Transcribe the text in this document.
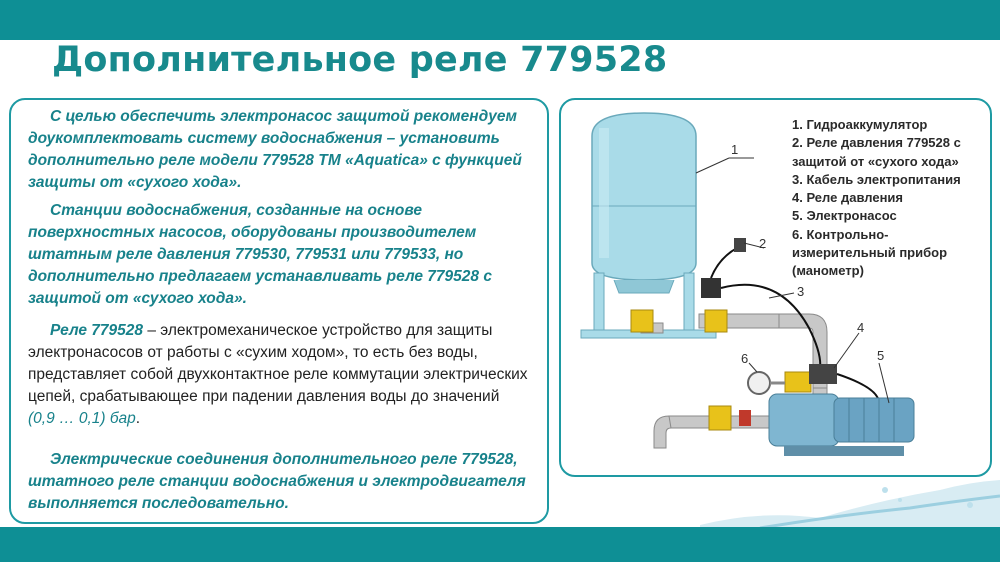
Дополнительное реле 779528

С целью обеспечить электронасос защитой рекомендуем доукомплектовать систему водоснабжения – установить дополнительно реле модели 779528 ТМ «Aquatica» с функцией защиты от «сухого хода».

Станции водоснабжения, созданные на основе поверхностных насосов, оборудованы производителем штатным реле давления 779530, 779531 или 779533, но дополнительно предлагаем устанавливать реле 779528 с защитой от «сухого хода».

Реле 779528 – электромеханическое устройство для защиты электронасосов от работы с «сухим ходом», то есть без воды, представляет собой двухконтактное реле коммутации электрических цепей, срабатывающее при падении давления воды до значений (0,9 … 0,1) бар.

Электрические соединения дополнительного реле 779528, штатного реле станции водоснабжения и электродвигателя выполняется последовательно.

1
2
3
4
5
6
1. Гидроаккумулятор
2. Реле давления 779528 с
защитой от «сухого хода»
3. Кабель электропитания
4. Реле давления
5. Электронасос
6. Контрольно-
измерительный прибор
(манометр)
